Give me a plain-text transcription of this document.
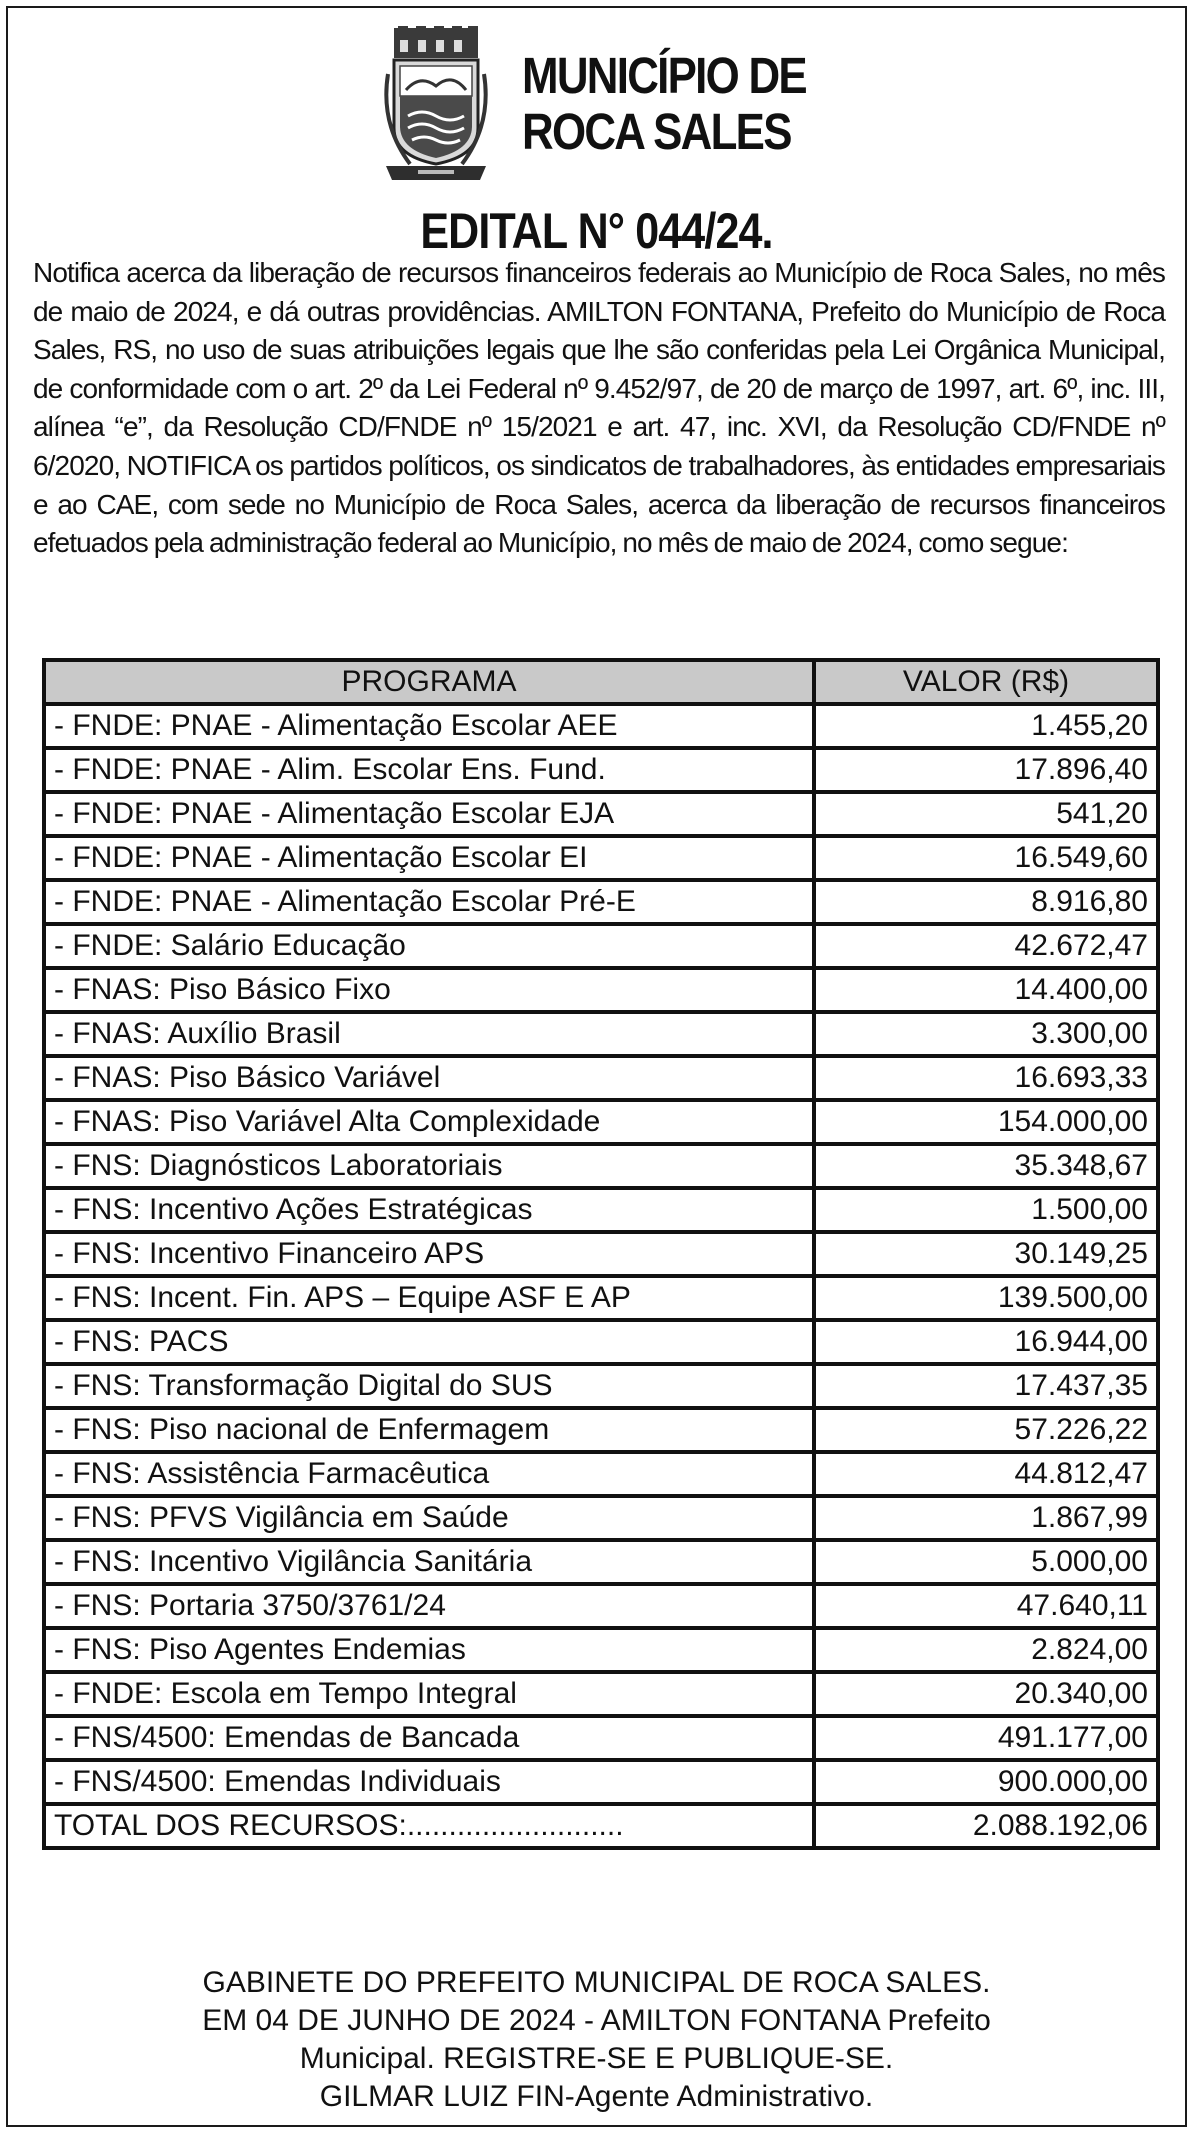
MUNICÍPIO DE
ROCA SALES
EDITAL N° 044/24.
Notifica acerca da liberação de recursos financeiros federais ao Município de Roca Sales, no mês de maio de 2024, e dá outras providências. AMILTON FONTANA, Prefeito do Município de Roca Sales, RS, no uso de suas atribuições legais que lhe são conferidas pela Lei Orgânica Municipal, de conformidade com o art. 2º da Lei Federal nº 9.452/97, de 20 de março de 1997, art. 6º, inc. III, alínea “e”, da Resolução CD/FNDE nº 15/2021 e art. 47, inc. XVI, da Resolução CD/FNDE nº 6/2020, NOTIFICA os partidos políticos, os sindicatos de trabalhadores, às entidades empresariais e ao CAE, com sede no Município de Roca Sales, acerca da liberação de recursos financeiros efetuados pela administração federal ao Município, no mês de maio de 2024, como segue:
PROGRAMA	VALOR (R$)
- FNDE: PNAE - Alimentação Escolar AEE	1.455,20
- FNDE: PNAE - Alim. Escolar Ens. Fund.	17.896,40
- FNDE: PNAE - Alimentação Escolar EJA	541,20
- FNDE: PNAE - Alimentação Escolar EI	16.549,60
- FNDE: PNAE - Alimentação Escolar Pré-E	8.916,80
- FNDE: Salário Educação	42.672,47
- FNAS: Piso Básico Fixo	14.400,00
- FNAS: Auxílio Brasil	3.300,00
- FNAS: Piso Básico Variável	16.693,33
- FNAS: Piso Variável Alta Complexidade	154.000,00
- FNS: Diagnósticos Laboratoriais	35.348,67
- FNS: Incentivo Ações Estratégicas	1.500,00
- FNS: Incentivo Financeiro APS	30.149,25
- FNS: Incent. Fin. APS – Equipe ASF E AP	139.500,00
- FNS: PACS	16.944,00
- FNS: Transformação Digital do SUS	17.437,35
- FNS: Piso nacional de Enfermagem	57.226,22
- FNS: Assistência Farmacêutica	44.812,47
- FNS: PFVS Vigilância em Saúde	1.867,99
- FNS: Incentivo Vigilância Sanitária	5.000,00
- FNS: Portaria 3750/3761/24	47.640,11
- FNS: Piso Agentes Endemias	2.824,00
- FNDE: Escola em Tempo Integral	20.340,00
- FNS/4500: Emendas de Bancada	491.177,00
- FNS/4500: Emendas Individuais	900.000,00
TOTAL DOS RECURSOS:..........................	2.088.192,06
GABINETE DO PREFEITO MUNICIPAL DE ROCA SALES.
EM 04 DE JUNHO DE 2024 - AMILTON FONTANA Prefeito
Municipal. REGISTRE-SE E PUBLIQUE-SE.
GILMAR LUIZ FIN-Agente Administrativo.
